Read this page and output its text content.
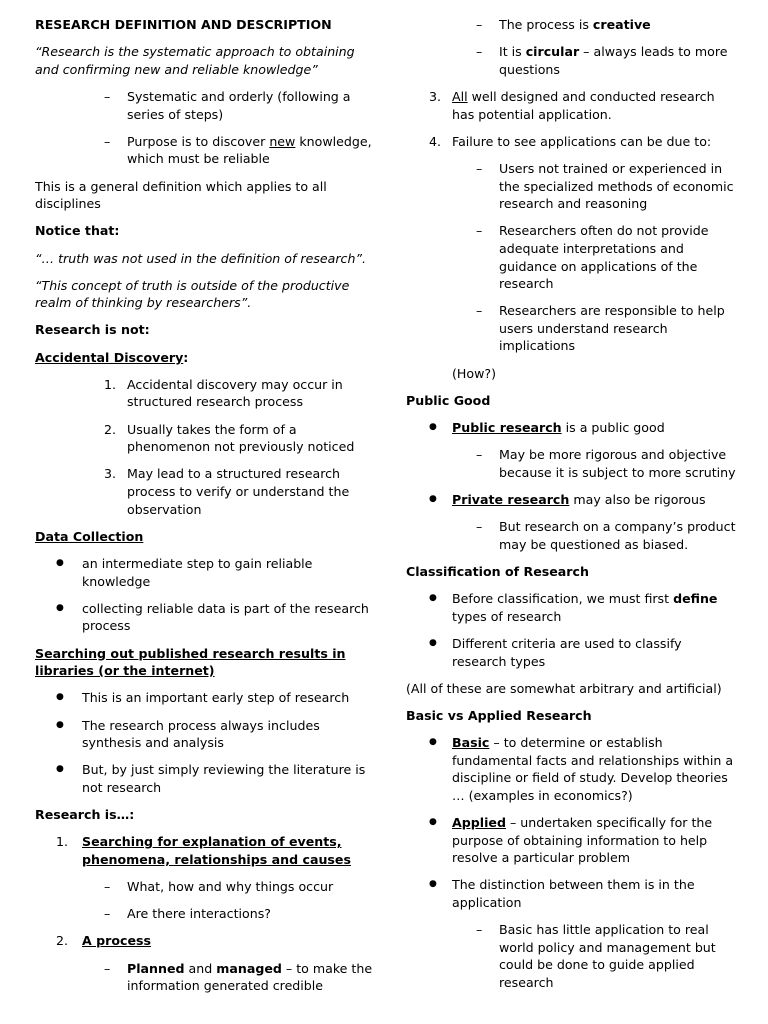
RESEARCH DEFINITION AND DESCRIPTION

“Research is the systematic approach to obtaining and confirming new and reliable knowledge”

–	Systematic and orderly (following a series of steps)
–	Purpose is to discover new knowledge, which must be reliable

This is a general definition which applies to all disciplines

Notice that:

“… truth was not used in the definition of research”.

“This concept of truth is outside of the productive realm of thinking by researchers”.

Research is not:

Accidental Discovery:

1. Accidental discovery may occur in structured research process
2. Usually takes the form of a phenomenon not previously noticed
3. May lead to a structured research process to verify or understand the observation

Data Collection

●	an intermediate step to gain reliable knowledge
●	collecting reliable data is part of the research process

Searching out published research results in libraries (or the internet)

●	This is an important early step of research
●	The research process always includes synthesis and analysis
●	But, by just simply reviewing the literature is not research

Research is…:

1.	Searching for explanation of events, phenomena, relationships and causes
–	What, how and why things occur
–	Are there interactions?
2.	A process
–	Planned and managed – to make the information generated credible
–	The process is creative
–	It is circular – always leads to more questions
3. All well designed and conducted research has potential application.
4. Failure to see applications can be due to:
–	Users not trained or experienced in the specialized methods of economic research and reasoning
–	Researchers often do not provide adequate interpretations and guidance on applications of the research
–	Researchers are responsible to help users understand research implications

(How?)

Public Good

●	Public research is a public good
–	May be more rigorous and objective because it is subject to more scrutiny
●	Private research may also be rigorous
–	But research on a company’s product may be questioned as biased.

Classification of Research

●	Before classification, we must first define types of research
●	Different criteria are used to classify research types

(All of these are somewhat arbitrary and artificial)

Basic vs Applied Research

●	Basic – to determine or establish fundamental facts and relationships within a discipline or field of study. Develop theories … (examples in economics?)
●	Applied – undertaken specifically for the purpose of obtaining information to help resolve a particular problem
●	The distinction between them is in the application
–	Basic has little application to real world policy and management but could be done to guide applied research
